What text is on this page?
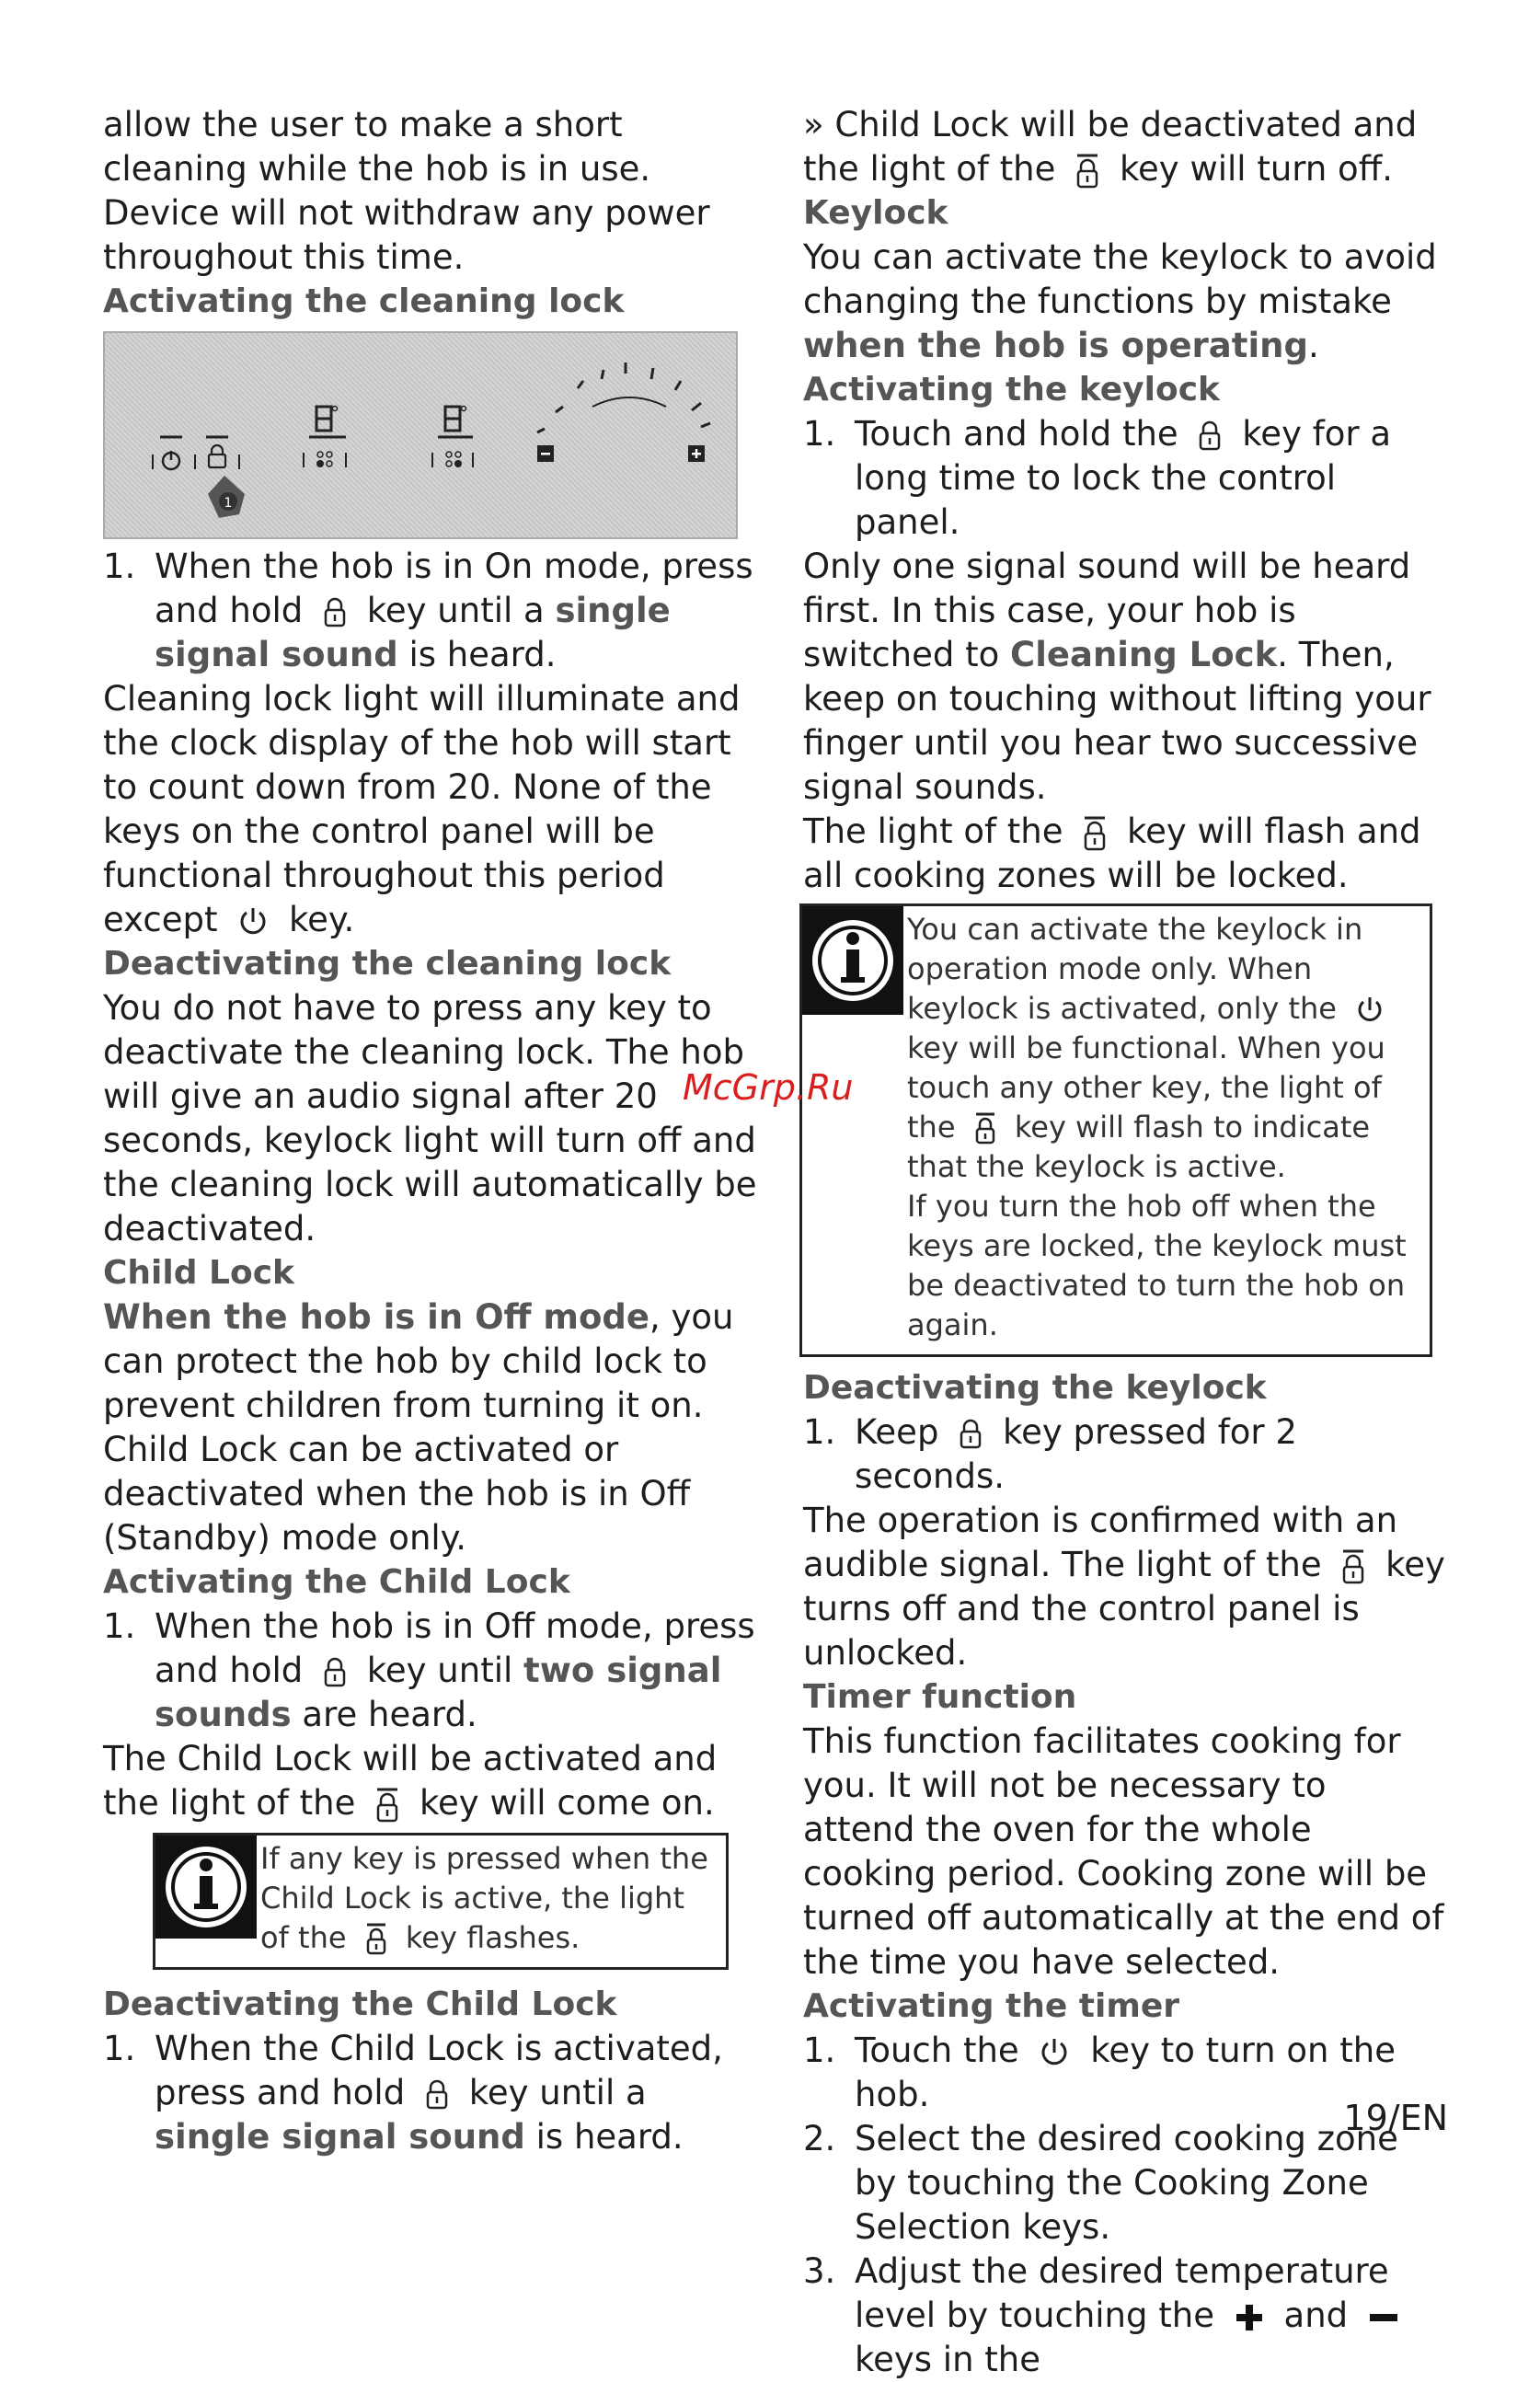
allow the user to make a short cleaning while the hob is in use. Device will not withdraw any power throughout this time.

Activating the cleaning lock

1
1. When the hob is in On mode, press and hold key until a single signal sound is heard.

Cleaning lock light will illuminate and the clock display of the hob will start to count down from 20. None of the keys on the control panel will be functional throughout this period except key.

Deactivating the cleaning lock

You do not have to press any key to deactivate the cleaning lock. The hob will give an audio signal after 20 seconds, keylock light will turn off and the cleaning lock will automatically be deactivated.

Child Lock

When the hob is in Off mode, you can protect the hob by child lock to prevent children from turning it on. Child Lock can be activated or deactivated when the hob is in Off (Standby) mode only.

Activating the Child Lock

1. When the hob is in Off mode, press and hold key until two signal sounds are heard.

The Child Lock will be activated and the light of the key will come on.

If any key is pressed when the Child Lock is active, the light of the key flashes.

Deactivating the Child Lock

1. When the Child Lock is activated, press and hold key until a single signal sound is heard.

» Child Lock will be deactivated and the light of the key will turn off.

Keylock

You can activate the keylock to avoid changing the functions by mistake when the hob is operating.

Activating the keylock

1. Touch and hold the key for a long time to lock the control panel.

Only one signal sound will be heard first. In this case, your hob is switched to Cleaning Lock. Then, keep on touching without lifting your finger until you hear two successive signal sounds.

The light of the key will flash and all cooking zones will be locked.

You can activate the keylock in operation mode only. When keylock is activated, only the
key will be functional. When you touch any other key, the light of the key will flash to indicate that the keylock is active.
If you turn the hob off when the keys are locked, the keylock must be deactivated to turn the hob on again.

Deactivating the keylock

1. Keep key pressed for 2 seconds.

The operation is confirmed with an audible signal. The light of the key turns off and the control panel is unlocked.

Timer function

This function facilitates cooking for you. It will not be necessary to attend the oven for the whole cooking period. Cooking zone will be turned off automatically at the end of the time you have selected.

Activating the timer

1. Touch the key to turn on the hob.
2. Select the desired cooking zone by touching the Cooking Zone Selection keys.
3. Adjust the desired temperature level by touching the and
keys in the
McGrp.Ru
19/EN
